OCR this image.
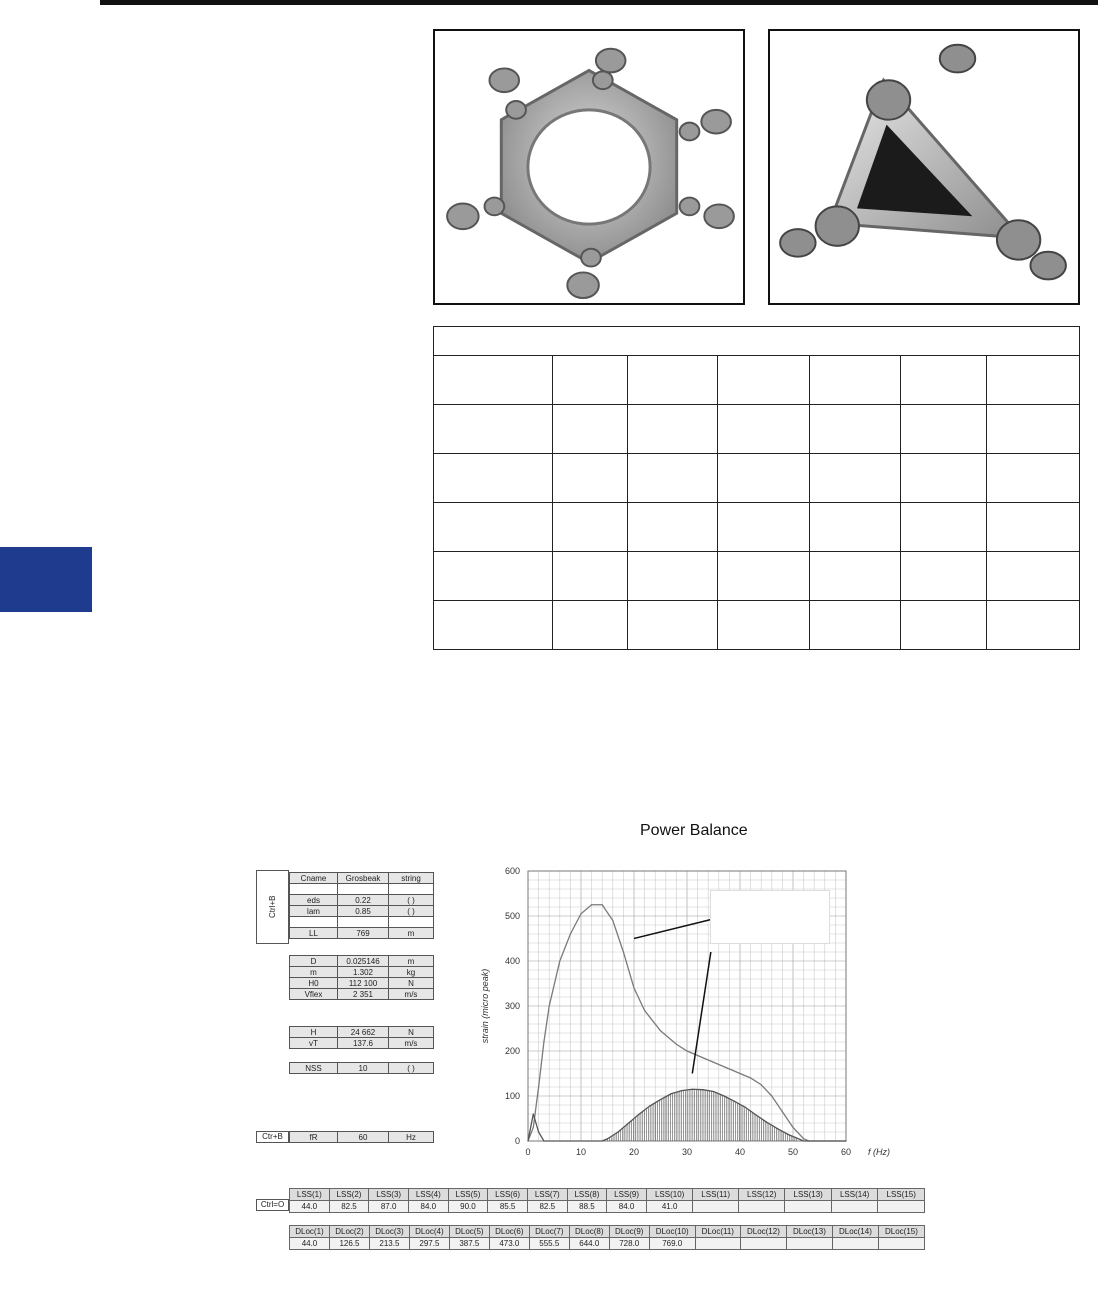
Power Balance
Ctrl+B
Cname	Grosbeak	string

eds	0.22	( )
lam	0.85	( )

LL	769	m
D	0.025146	m
m	1.302	kg
H0	112 100	N
Vflex	2 351	m/s
H	24 662	N
vT	137.6	m/s
NSS	10	( )
Ctr+B	fR	60	Hz
0	10	20	30	40	50	60
0
100
200
300
400
500
600
strain (micro peak)
f (Hz)
Ctrl=O
LSS(1)	LSS(2)	LSS(3)	LSS(4)	LSS(5)	LSS(6)	LSS(7)	LSS(8)	LSS(9)	LSS(10)	LSS(11)	LSS(12)	LSS(13)	LSS(14)	LSS(15)
44.0	82.5	87.0	84.0	90.0	85.5	82.5	88.5	84.0	41.0					
DLoc(1)	DLoc(2)	DLoc(3)	DLoc(4)	DLoc(5)	DLoc(6)	DLoc(7)	DLoc(8)	DLoc(9)	DLoc(10)	DLoc(11)	DLoc(12)	DLoc(13)	DLoc(14)	DLoc(15)
44.0	126.5	213.5	297.5	387.5	473.0	555.5	644.0	728.0	769.0					
